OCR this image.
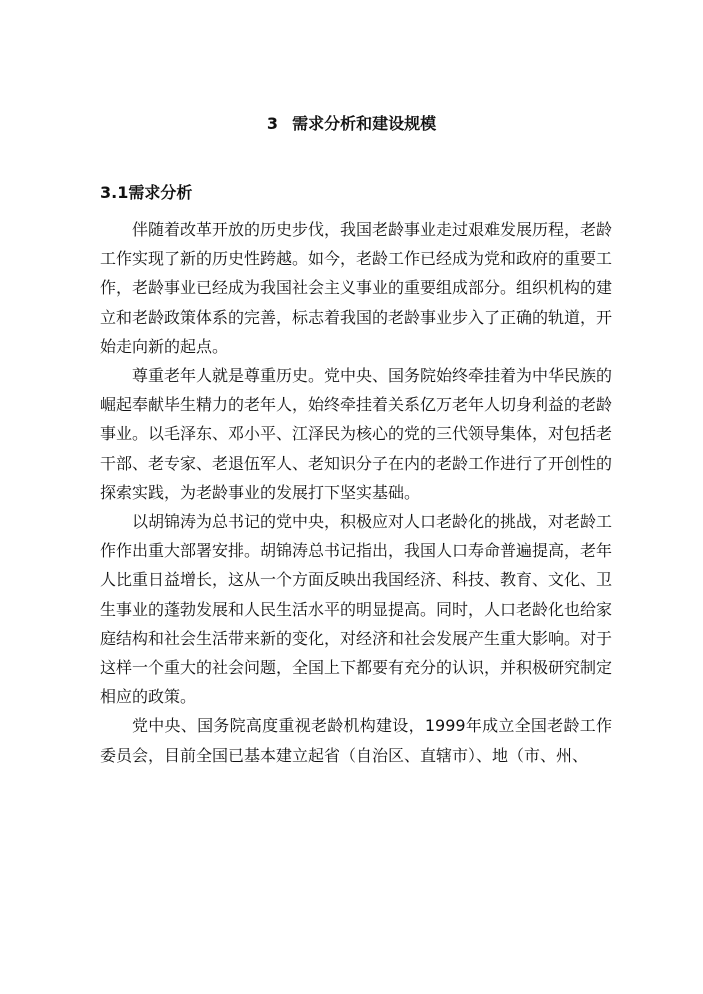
3 需求分析和建设规模
3.1需求分析

伴随着改革开放的历史步伐，我国老龄事业走过艰难发展历程，老龄工作实现了新的历史性跨越。如今，老龄工作已经成为党和政府的重要工作，老龄事业已经成为我国社会主义事业的重要组成部分。组织机构的建立和老龄政策体系的完善，标志着我国的老龄事业步入了正确的轨道，开始走向新的起点。

尊重老年人就是尊重历史。党中央、国务院始终牵挂着为中华民族的崛起奉献毕生精力的老年人，始终牵挂着关系亿万老年人切身利益的老龄事业。以毛泽东、邓小平、江泽民为核心的党的三代领导集体，对包括老干部、老专家、老退伍军人、老知识分子在内的老龄工作进行了开创性的探索实践，为老龄事业的发展打下坚实基础。

以胡锦涛为总书记的党中央，积极应对人口老龄化的挑战，对老龄工作作出重大部署安排。胡锦涛总书记指出，我国人口寿命普遍提高，老年人比重日益增长，这从一个方面反映出我国经济、科技、教育、文化、卫生事业的蓬勃发展和人民生活水平的明显提高。同时，人口老龄化也给家庭结构和社会生活带来新的变化，对经济和社会发展产生重大影响。对于这样一个重大的社会问题，全国上下都要有充分的认识，并积极研究制定相应的政策。

党中央、国务院高度重视老龄机构建设，1999年成立全国老龄工作委员会，目前全国已基本建立起省（自治区、直辖市）、地（市、州、
